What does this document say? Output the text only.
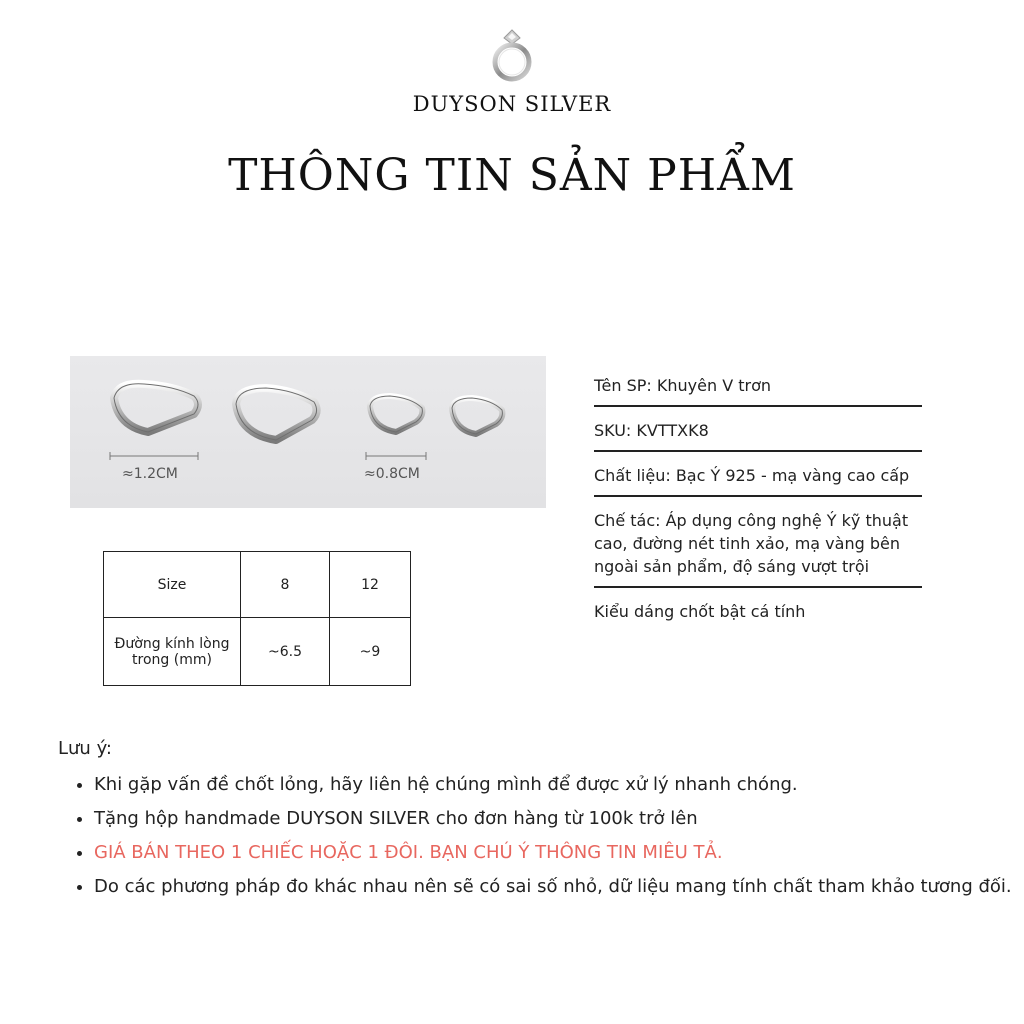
DUYSON SILVER
THÔNG TIN SẢN PHẨM
≈1.2CM	≈0.8CM
Size	8	12
Đường kính lòng trong (mm)	~6.5	~9
Tên SP: Khuyên V trơn
SKU: KVTTXK8
Chất liệu: Bạc Ý 925 - mạ vàng cao cấp
Chế tác: Áp dụng công nghệ Ý kỹ thuật cao, đường nét tinh xảo, mạ vàng bên ngoài sản phẩm, độ sáng vượt trội
Kiểu dáng chốt bật cá tính
Lưu ý:
• Khi gặp vấn đề chốt lỏng, hãy liên hệ chúng mình để được xử lý nhanh chóng.
• Tặng hộp handmade DUYSON SILVER cho đơn hàng từ 100k trở lên
• GIÁ BÁN THEO 1 CHIẾC HOẶC 1 ĐÔI. BẠN CHÚ Ý THÔNG TIN MIÊU TẢ.
• Do các phương pháp đo khác nhau nên sẽ có sai số nhỏ, dữ liệu mang tính chất tham khảo tương đối.
